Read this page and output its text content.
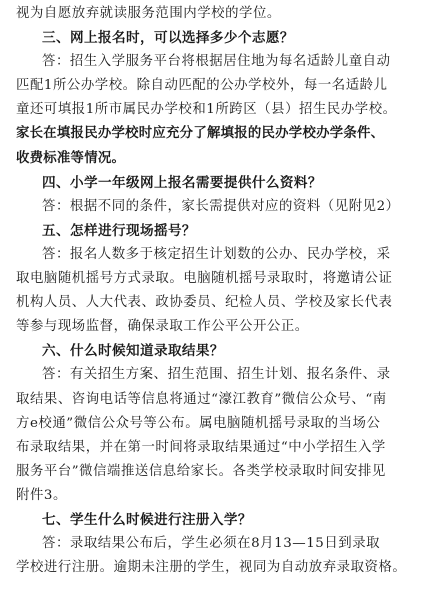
视为自愿放弃就读服务范围内学校的学位。
三、网上报名时，可以选择多少个志愿？
答：招生入学服务平台将根据居住地为每名适龄儿童自动
匹配1所公办学校。除自动匹配的公办学校外，每一名适龄儿
童还可填报1所市属民办学校和1所跨区（县）招生民办学校。
家长在填报民办学校时应充分了解填报的民办学校办学条件、
收费标准等情况。
四、小学一年级网上报名需要提供什么资料？
答：根据不同的条件，家长需提供对应的资料（见附见2）
五、怎样进行现场摇号？
答：报名人数多于核定招生计划数的公办、民办学校，采
取电脑随机摇号方式录取。电脑随机摇号录取时，将邀请公证
机构人员、人大代表、政协委员、纪检人员、学校及家长代表
等参与现场监督，确保录取工作公平公开公正。
六、什么时候知道录取结果？
答：有关招生方案、招生范围、招生计划、报名条件、录
取结果、咨询电话等信息将通过“濠江教育”微信公众号、“南
方e校通”微信公众号等公布。属电脑随机摇号录取的当场公
布录取结果，并在第一时间将录取结果通过“中小学招生入学
服务平台”微信端推送信息给家长。各类学校录取时间安排见
附件3。
七、学生什么时候进行注册入学？
答：录取结果公布后，学生必须在8月13—15日到录取
学校进行注册。逾期未注册的学生，视同为自动放弃录取资格。
